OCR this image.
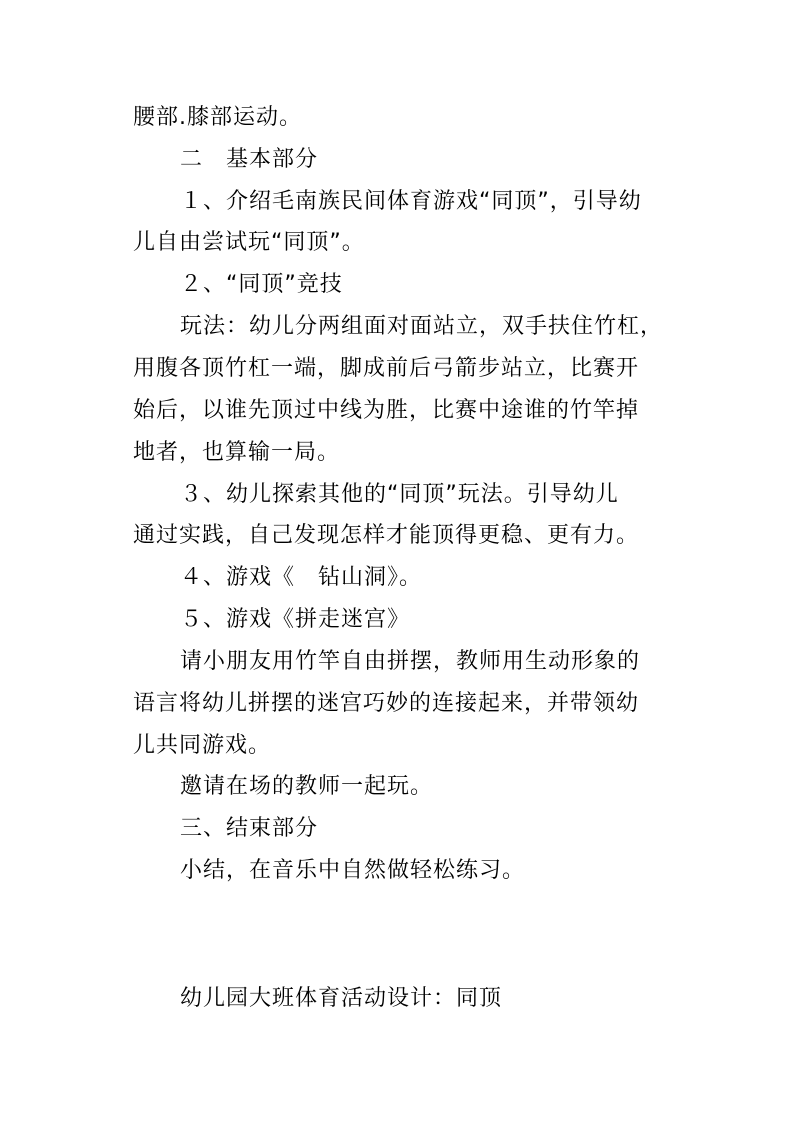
腰部.膝部运动。
二　基本部分
１、介绍毛南族民间体育游戏“同顶”，引导幼
儿自由尝试玩“同顶”。
２、“同顶”竞技
玩法：幼儿分两组面对面站立，双手扶住竹杠，
用腹各顶竹杠一端，脚成前后弓箭步站立，比赛开
始后，以谁先顶过中线为胜，比赛中途谁的竹竿掉
地者，也算输一局。
３、幼儿探索其他的“同顶”玩法。引导幼儿
通过实践，自己发现怎样才能顶得更稳、更有力。
４、游戏《　钻山洞》。
５、游戏《拼走迷宫》
请小朋友用竹竿自由拼摆，教师用生动形象的
语言将幼儿拼摆的迷宫巧妙的连接起来，并带领幼
儿共同游戏。
邀请在场的教师一起玩。
三、结束部分
小结，在音乐中自然做轻松练习。
幼儿园大班体育活动设计：同顶
